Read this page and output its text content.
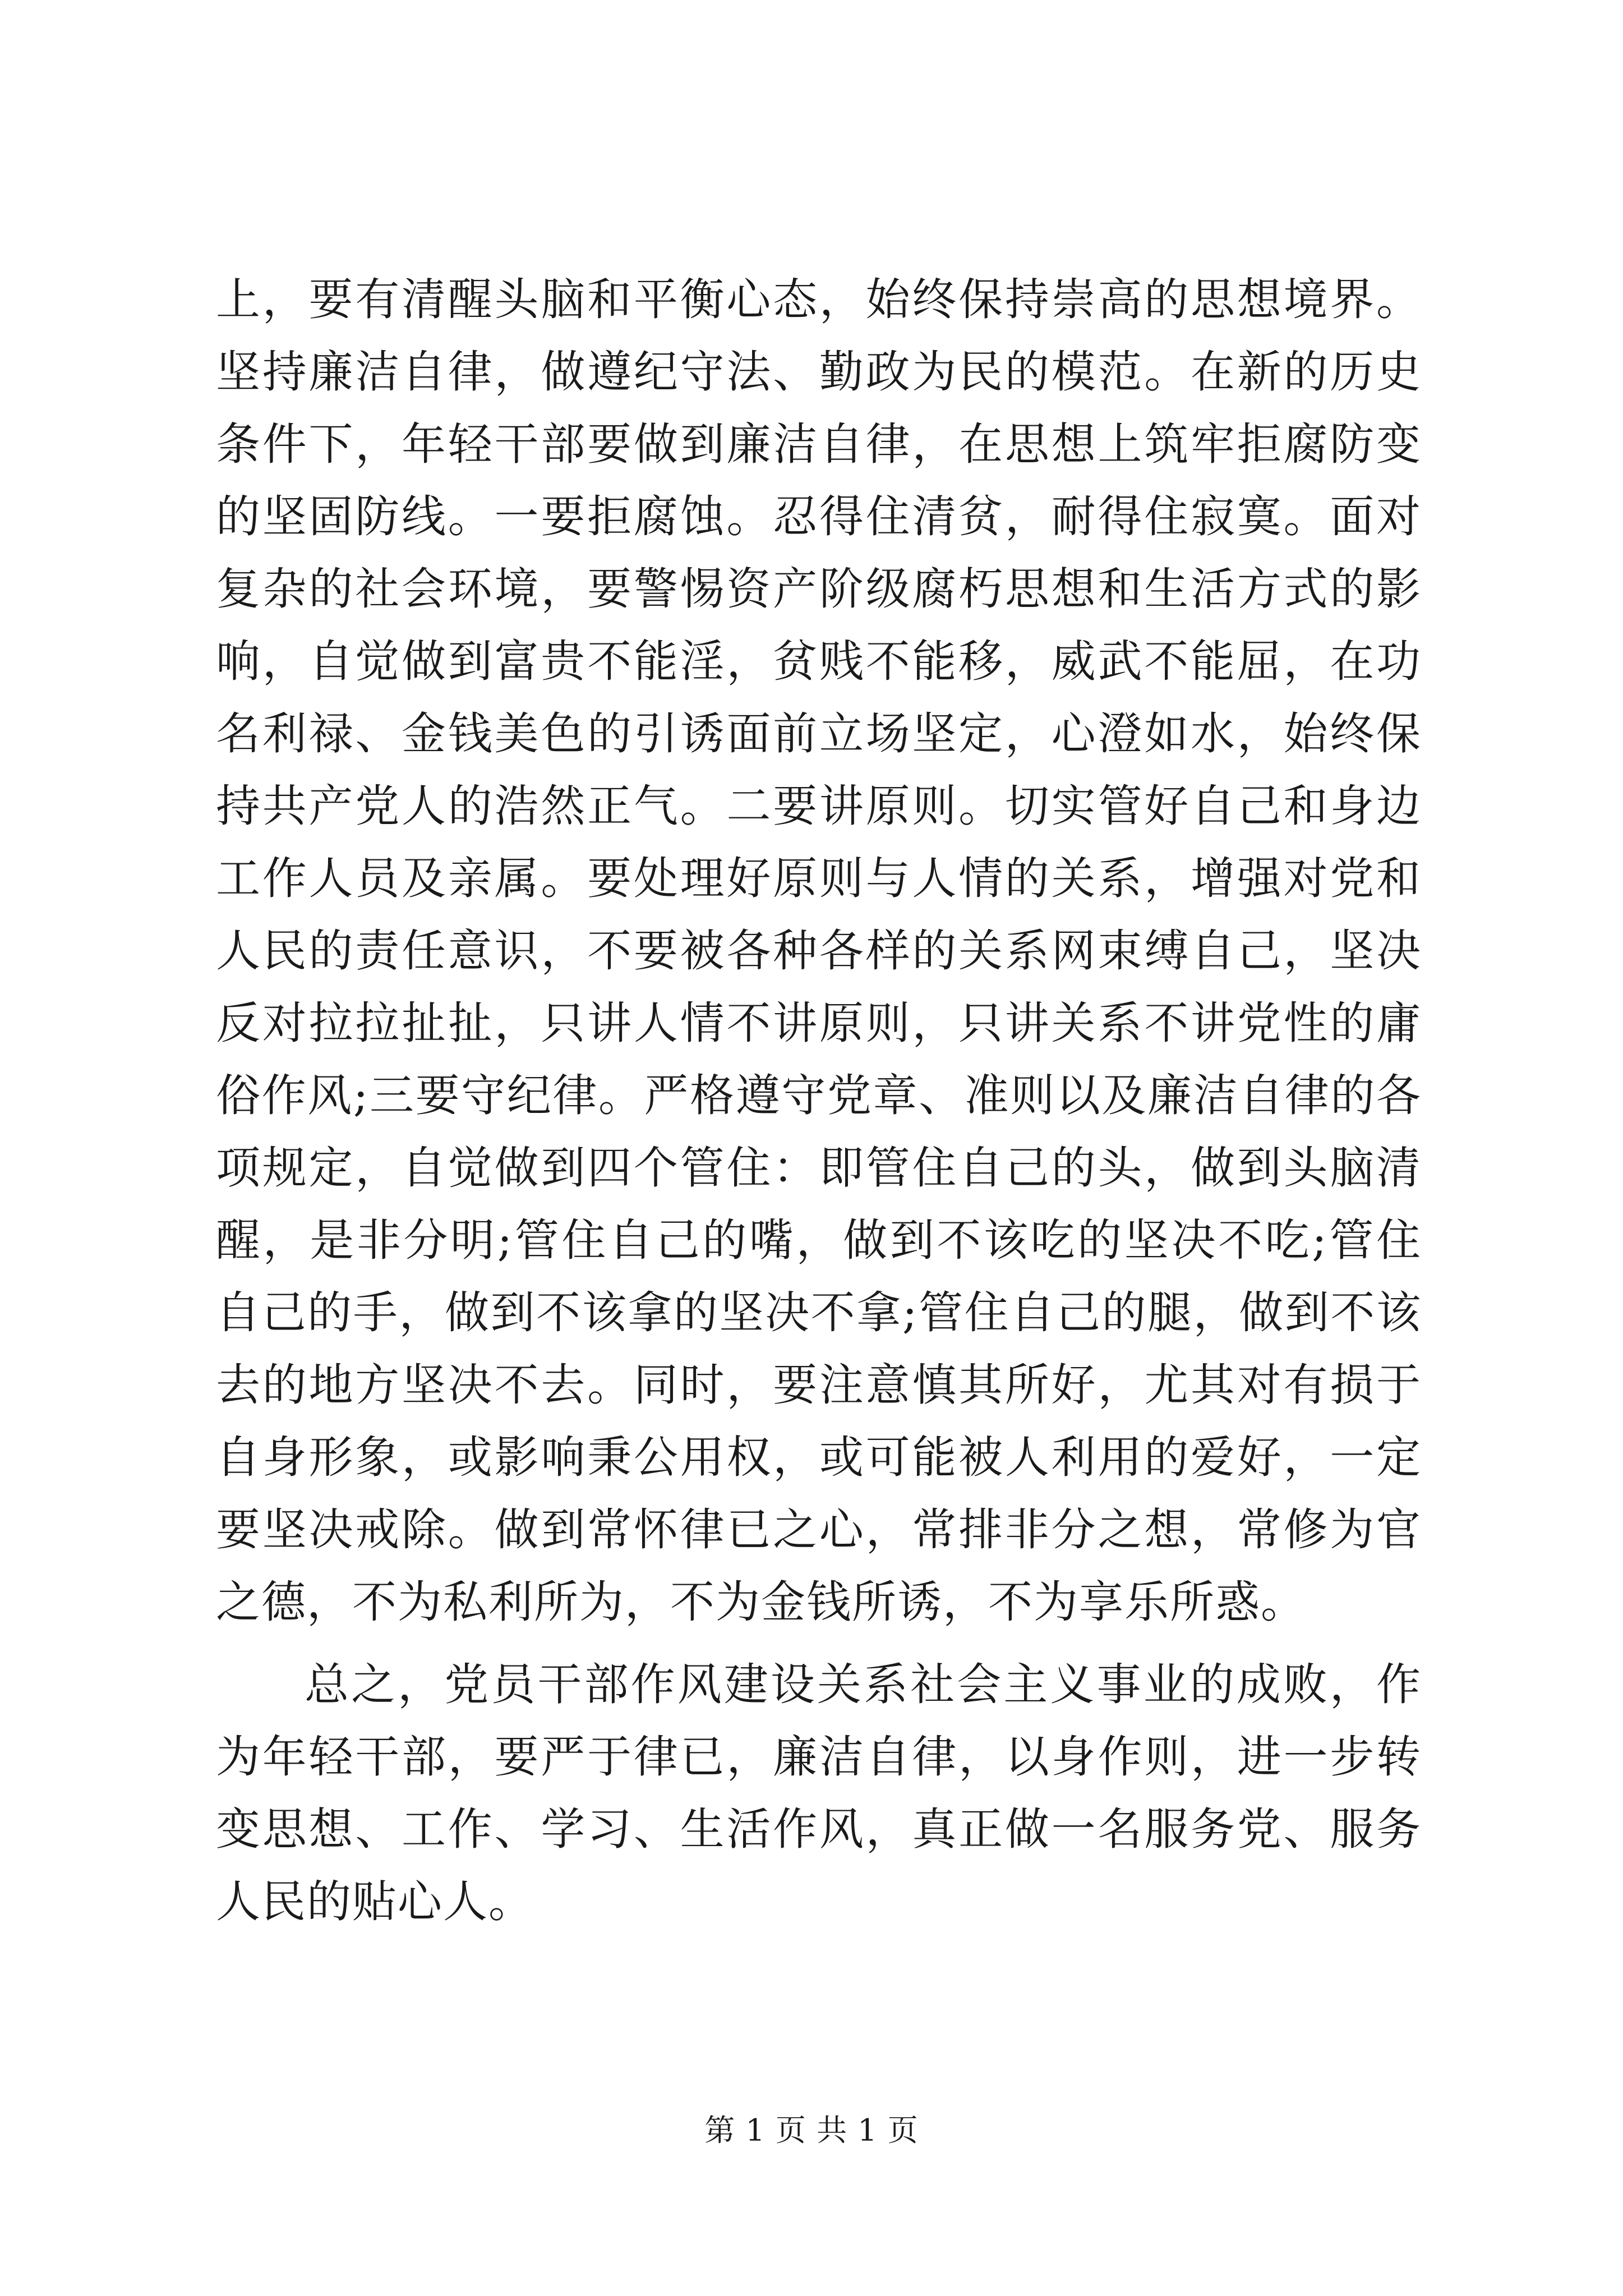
上，要有清醒头脑和平衡心态，始终保持崇高的思想境界。坚持廉洁自律，做遵纪守法、勤政为民的模范。在新的历史条件下，年轻干部要做到廉洁自律，在思想上筑牢拒腐防变的坚固防线。一要拒腐蚀。忍得住清贫，耐得住寂寞。面对复杂的社会环境，要警惕资产阶级腐朽思想和生活方式的影响，自觉做到富贵不能淫，贫贱不能移，威武不能屈，在功名利禄、金钱美色的引诱面前立场坚定，心澄如水，始终保持共产党人的浩然正气。二要讲原则。切实管好自己和身边工作人员及亲属。要处理好原则与人情的关系，增强对党和人民的责任意识，不要被各种各样的关系网束缚自己，坚决反对拉拉扯扯，只讲人情不讲原则，只讲关系不讲党性的庸俗作风;三要守纪律。严格遵守党章、准则以及廉洁自律的各项规定，自觉做到四个管住：即管住自己的头，做到头脑清醒，是非分明;管住自己的嘴，做到不该吃的坚决不吃;管住自己的手，做到不该拿的坚决不拿;管住自己的腿，做到不该去的地方坚决不去。同时，要注意慎其所好，尤其对有损于自身形象，或影响秉公用权，或可能被人利用的爱好，一定要坚决戒除。做到常怀律已之心，常排非分之想，常修为官之德，不为私利所为，不为金钱所诱，不为享乐所惑。

总之，党员干部作风建设关系社会主义事业的成败，作为年轻干部，要严于律已，廉洁自律，以身作则，进一步转变思想、工作、学习、生活作风，真正做一名服务党、服务人民的贴心人。

第 1 页 共 1 页
